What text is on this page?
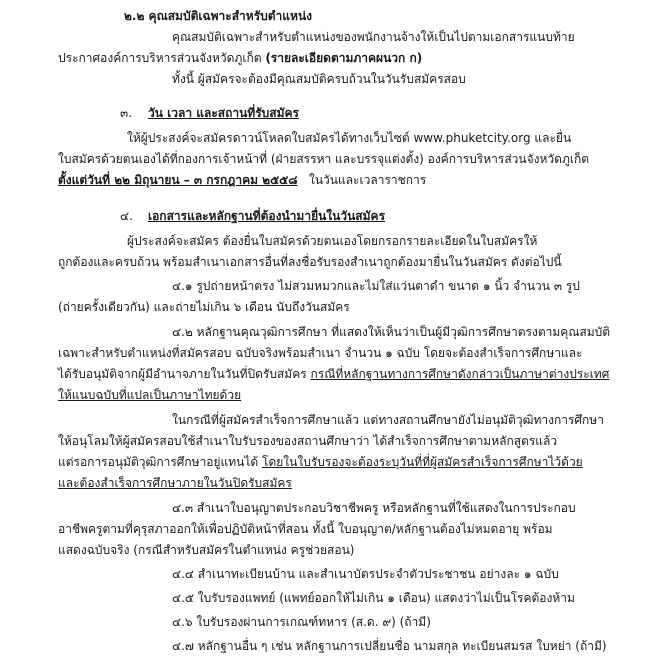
๒.๒ คุณสมบัติเฉพาะสำหรับตำแหน่ง
คุณสมบัติเฉพาะสำหรับตำแหน่งของพนักงานจ้างให้เป็นไปตามเอกสารแนบท้าย
ประกาศองค์การบริหารส่วนจังหวัดภูเก็ต (รายละเอียดตามภาคผนวก ก)
ทั้งนี้ ผู้สมัครจะต้องมีคุณสมบัติครบถ้วนในวันรับสมัครสอบ
๓. วัน เวลา และสถานที่รับสมัคร
ให้ผู้ประสงค์จะสมัครดาวน์โหลดใบสมัครได้ทางเว็บไซต์ www.phuketcity.org และยื่น
ใบสมัครด้วยตนเองได้ที่กองการเจ้าหน้าที่ (ฝ่ายสรรหา และบรรจุแต่งตั้ง) องค์การบริหารส่วนจังหวัดภูเก็ต
ตั้งแต่วันที่ ๒๒ มิถุนายน – ๓ กรกฎาคม ๒๕๕๘ ในวันและเวลาราชการ
๔. เอกสารและหลักฐานที่ต้องนำมายื่นในวันสมัคร
ผู้ประสงค์จะสมัคร ต้องยื่นใบสมัครด้วยตนเองโดยกรอกรายละเอียดในใบสมัครให้
ถูกต้องและครบถ้วน พร้อมสำเนาเอกสารอื่นที่ลงชื่อรับรองสำเนาถูกต้องมายื่นในวันสมัคร ดังต่อไปนี้
๔.๑ รูปถ่ายหน้าตรง ไม่สวมหมวกและไม่ใส่แว่นตาดำ ขนาด ๑ นิ้ว จำนวน ๓ รูป
(ถ่ายครั้งเดียวกัน) และถ่ายไม่เกิน ๖ เดือน นับถึงวันสมัคร
๔.๒ หลักฐานคุณวุฒิการศึกษา ที่แสดงให้เห็นว่าเป็นผู้มีวุฒิการศึกษาตรงตามคุณสมบัติ
เฉพาะสำหรับตำแหน่งที่สมัครสอบ ฉบับจริงพร้อมสำเนา จำนวน ๑ ฉบับ โดยจะต้องสำเร็จการศึกษาและ
ได้รับอนุมัติจากผู้มีอำนาจภายในวันที่ปิดรับสมัคร กรณีที่หลักฐานทางการศึกษาดังกล่าวเป็นภาษาต่างประเทศ
ให้แนบฉบับที่แปลเป็นภาษาไทยด้วย
ในกรณีที่ผู้สมัครสำเร็จการศึกษาแล้ว แต่ทางสถานศึกษายังไม่อนุมัติวุฒิทางการศึกษา
ให้อนุโลมให้ผู้สมัครสอบใช้สำเนาใบรับรองของสถานศึกษาว่า ได้สำเร็จการศึกษาตามหลักสูตรแล้ว
แต่รอการอนุมัติวุฒิการศึกษาอยู่แทนได้ โดยในใบรับรองจะต้องระบุวันที่ที่ผู้สมัครสำเร็จการศึกษาไว้ด้วย
และต้องสำเร็จการศึกษาภายในวันปิดรับสมัคร
๔.๓ สำเนาใบอนุญาตประกอบวิชาชีพครู หรือหลักฐานที่ใช้แสดงในการประกอบ
อาชีพครูตามที่คุรุสภาออกให้เพื่อปฏิบัติหน้าที่สอน ทั้งนี้ ใบอนุญาต/หลักฐานต้องไม่หมดอายุ พร้อม
แสดงฉบับจริง (กรณีสำหรับสมัครในตำแหน่ง ครูช่วยสอน)
๔.๔ สำเนาทะเบียนบ้าน และสำเนาบัตรประจำตัวประชาชน อย่างละ ๑ ฉบับ
๔.๕ ใบรับรองแพทย์ (แพทย์ออกให้ไม่เกิน ๑ เดือน) แสดงว่าไม่เป็นโรคต้องห้าม
๔.๖ ใบรับรองผ่านการเกณฑ์ทหาร (ส.ด. ๙) (ถ้ามี)
๔.๗ หลักฐานอื่น ๆ เช่น หลักฐานการเปลี่ยนชื่อ นามสกุล ทะเบียนสมรส ใบหย่า (ถ้ามี)
